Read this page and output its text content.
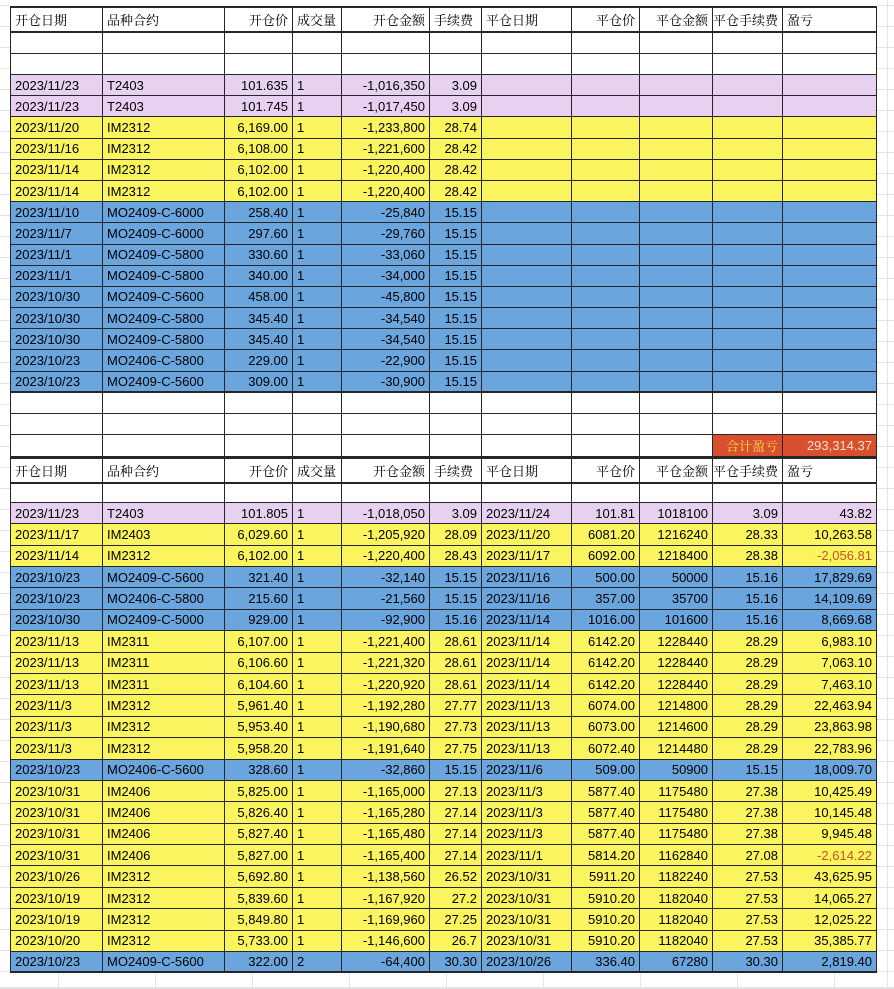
开仓日期	品种合约	开仓价 成交量	开仓金额 手续费 平仓日期	平仓价	平仓金额 平仓手续费 盈亏
2023/11/23	T2403	101.635 1	-1,016,350	3.09
2023/11/23	T2403	101.745 1	-1,017,450	3.09
2023/11/20	IM2312	6,169.00 1	-1,233,800	28.74
2023/11/16	IM2312	6,108.00 1	-1,221,600	28.42
2023/11/14	IM2312	6,102.00 1	-1,220,400	28.42
2023/11/14	IM2312	6,102.00 1	-1,220,400	28.42
2023/11/10	MO2409-C-6000	258.40 1	-25,840	15.15
2023/11/7	MO2409-C-6000	297.60 1	-29,760	15.15
2023/11/1	MO2409-C-5800	330.60 1	-33,060	15.15
2023/11/1	MO2409-C-5800	340.00 1	-34,000	15.15
2023/10/30	MO2409-C-5600	458.00 1	-45,800	15.15
2023/10/30	MO2409-C-5800	345.40 1	-34,540	15.15
2023/10/30	MO2409-C-5800	345.40 1	-34,540	15.15
2023/10/23	MO2406-C-5800	229.00 1	-22,900	15.15
2023/10/23	MO2409-C-5600	309.00 1	-30,900	15.15
合计盈亏	293,314.37
开仓日期	品种合约	开仓价 成交量	开仓金额 手续费 平仓日期	平仓价	平仓金额 平仓手续费 盈亏
2023/11/23	T2403	101.805 1	-1,018,050	3.09 2023/11/24	101.81	1018100	3.09	43.82
2023/11/17	IM2403	6,029.60 1	-1,205,920	28.09 2023/11/20	6081.20	1216240	28.33	10,263.58
2023/11/14	IM2312	6,102.00 1	-1,220,400	28.43 2023/11/17	6092.00	1218400	28.38	-2,056.81
2023/10/23	MO2409-C-5600	321.40 1	-32,140	15.15 2023/11/16	500.00	50000	15.16	17,829.69
2023/10/23	MO2406-C-5800	215.60 1	-21,560	15.15 2023/11/16	357.00	35700	15.16	14,109.69
2023/10/30	MO2409-C-5000	929.00 1	-92,900	15.16 2023/11/14	1016.00	101600	15.16	8,669.68
2023/11/13	IM2311	6,107.00 1	-1,221,400	28.61 2023/11/14	6142.20	1228440	28.29	6,983.10
2023/11/13	IM2311	6,106.60 1	-1,221,320	28.61 2023/11/14	6142.20	1228440	28.29	7,063.10
2023/11/13	IM2311	6,104.60 1	-1,220,920	28.61 2023/11/14	6142.20	1228440	28.29	7,463.10
2023/11/3	IM2312	5,961.40 1	-1,192,280	27.77 2023/11/13	6074.00	1214800	28.29	22,463.94
2023/11/3	IM2312	5,953.40 1	-1,190,680	27.73 2023/11/13	6073.00	1214600	28.29	23,863.98
2023/11/3	IM2312	5,958.20 1	-1,191,640	27.75 2023/11/13	6072.40	1214480	28.29	22,783.96
2023/10/23	MO2406-C-5600	328.60 1	-32,860	15.15 2023/11/6	509.00	50900	15.15	18,009.70
2023/10/31	IM2406	5,825.00 1	-1,165,000	27.13 2023/11/3	5877.40	1175480	27.38	10,425.49
2023/10/31	IM2406	5,826.40 1	-1,165,280	27.14 2023/11/3	5877.40	1175480	27.38	10,145.48
2023/10/31	IM2406	5,827.40 1	-1,165,480	27.14 2023/11/3	5877.40	1175480	27.38	9,945.48
2023/10/31	IM2406	5,827.00 1	-1,165,400	27.14 2023/11/1	5814.20	1162840	27.08	-2,614.22
2023/10/26	IM2312	5,692.80 1	-1,138,560	26.52 2023/10/31	5911.20	1182240	27.53	43,625.95
2023/10/19	IM2312	5,839.60 1	-1,167,920	27.2 2023/10/31	5910.20	1182040	27.53	14,065.27
2023/10/19	IM2312	5,849.80 1	-1,169,960	27.25 2023/10/31	5910.20	1182040	27.53	12,025.22
2023/10/20	IM2312	5,733.00 1	-1,146,600	26.7 2023/10/31	5910.20	1182040	27.53	35,385.77
2023/10/23	MO2409-C-5600	322.00 2	-64,400	30.30 2023/10/26	336.40	67280	30.30	2,819.40
